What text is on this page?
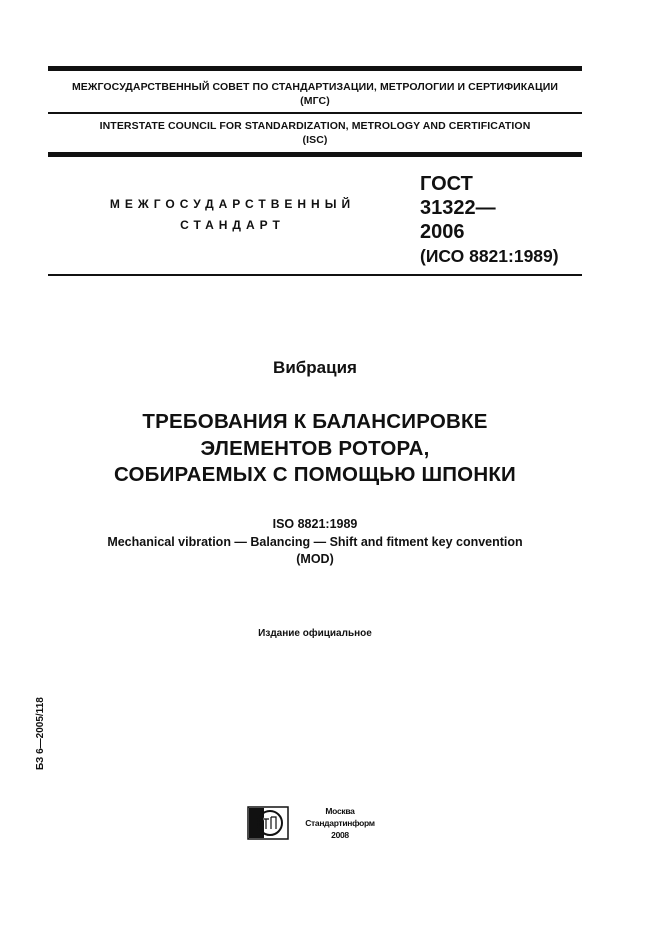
МЕЖГОСУДАРСТВЕННЫЙ СОВЕТ ПО СТАНДАРТИЗАЦИИ, МЕТРОЛОГИИ И СЕРТИФИКАЦИИ
(МГС)
INTERSTATE COUNCIL FOR STANDARDIZATION, METROLOGY AND CERTIFICATION
(ISC)
МЕЖГОСУДАРСТВЕННЫЙ
СТАНДАРТ
ГОСТ
31322—
2006
(ИСО 8821:1989)
Вибрация
ТРЕБОВАНИЯ К БАЛАНСИРОВКЕ
ЭЛЕМЕНТОВ РОТОРА,
СОБИРАЕМЫХ С ПОМОЩЬЮ ШПОНКИ
ISO 8821:1989
Mechanical vibration — Balancing — Shift and fitment key convention
(MOD)
Издание официальное
БЗ 6—2005/118
Москва
Стандартинформ
2008
